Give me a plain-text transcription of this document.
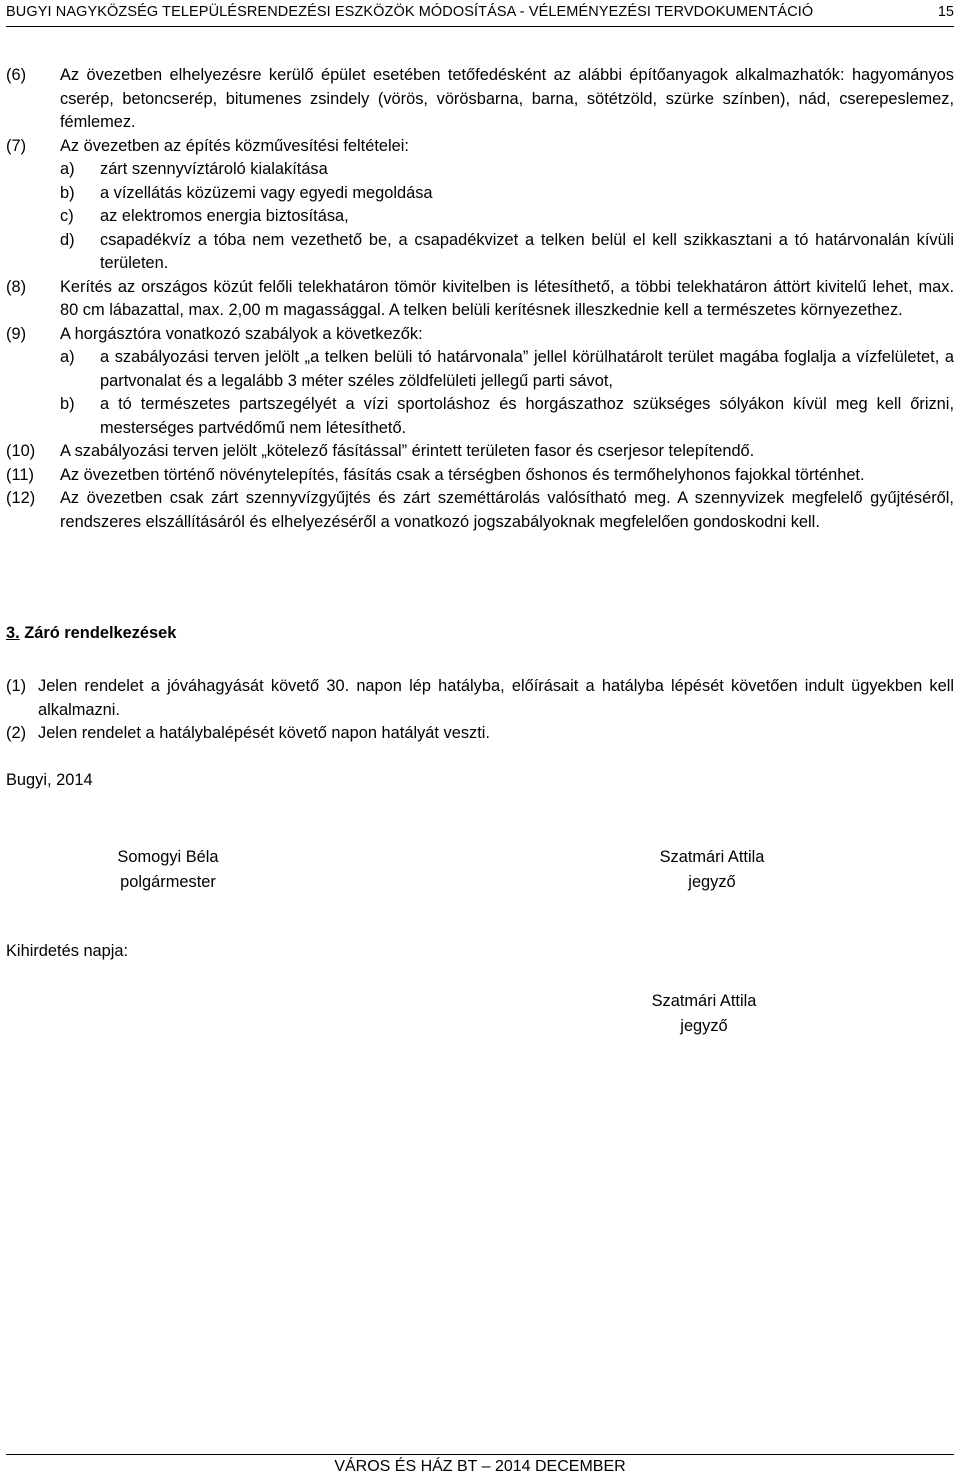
BUGYI NAGYKÖZSÉG TELEPÜLÉSRENDEZÉSI ESZKÖZÖK MÓDOSÍTÁSA - VÉLEMÉNYEZÉSI TERVDOKUMENTÁCIÓ	15
(6)	Az övezetben elhelyezésre kerülő épület esetében tetőfedésként az alábbi építőanyagok alkalmazhatók: hagyományos cserép, betoncserép, bitumenes zsindely (vörös, vörösbarna, barna, sötétzöld, szürke színben), nád, cserepeslemez, fémlemez.
(7)	Az övezetben az építés közművesítési feltételei:
a)	zárt szennyvíztároló kialakítása
b)	a vízellátás közüzemi vagy egyedi megoldása
c)	az elektromos energia biztosítása,
d)	csapadékvíz a tóba nem vezethető be, a csapadékvizet a telken belül el kell szikkasztani a tó határvonalán kívüli területen.
(8)	Kerítés az országos közút felőli telekhatáron tömör kivitelben is létesíthető, a többi telekhatáron áttört kivitelű lehet, max. 80 cm lábazattal, max. 2,00 m magassággal. A telken belüli kerítésnek illeszkednie kell a természetes környezethez.
(9)	A horgásztóra vonatkozó szabályok a következők:
a)	a szabályozási terven jelölt „a telken belüli tó határvonala” jellel körülhatárolt terület magába foglalja a vízfelületet, a partvonalat és a legalább 3 méter széles zöldfelületi jellegű parti sávot,
b)	a tó természetes partszegélyét a vízi sportoláshoz és horgászathoz szükséges sólyákon kívül meg kell őrizni, mesterséges partvédőmű nem létesíthető.
(10)	A szabályozási terven jelölt „kötelező fásítással” érintett területen fasor és cserjesor telepítendő.
(11)	Az övezetben történő növénytelepítés, fásítás csak a térségben őshonos és termőhelyhonos fajokkal történhet.
(12)	Az övezetben csak zárt szennyvízgyűjtés és zárt szeméttárolás valósítható meg. A szennyvizek megfelelő gyűjtéséről, rendszeres elszállításáról és elhelyezéséről a vonatkozó jogszabályoknak megfelelően gondoskodni kell.
3. Záró rendelkezések
(1) Jelen rendelet a jóváhagyását követő 30. napon lép hatályba, előírásait a hatályba lépését követően indult ügyekben kell alkalmazni.
(2) Jelen rendelet a hatálybalépését követő napon hatályát veszti.
Bugyi, 2014
Somogyi Béla
polgármester
Szatmári Attila
jegyző
Kihirdetés napja:
Szatmári Attila
jegyző
VÁROS ÉS HÁZ BT – 2014 DECEMBER
